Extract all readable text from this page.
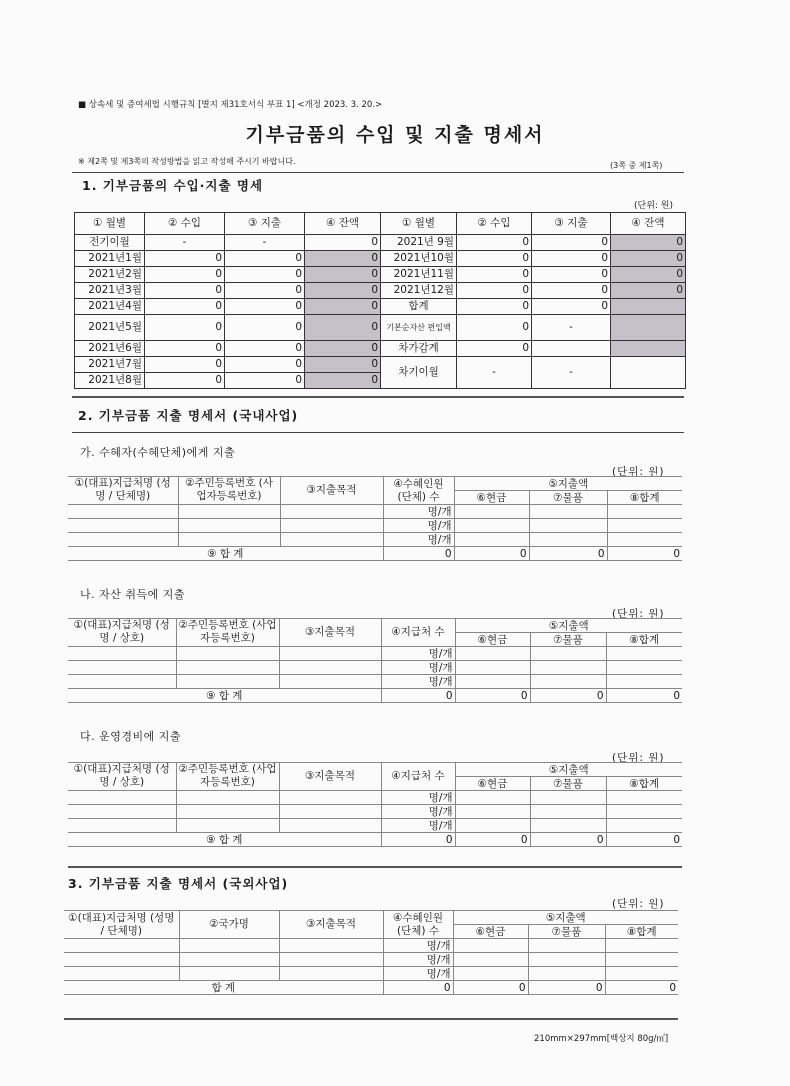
■ 상속세 및 증여세법 시행규칙 [별지 제31호서식 부표 1] <개정 2023. 3. 20.>
기부금품의 수입 및 지출 명세서
※ 제2쪽 및 제3쪽의 작성방법을 읽고 작성해 주시기 바랍니다.	(3쪽 중 제1쪽)
1. 기부금품의 수입·지출 명세
(단위: 원)
① 월별	② 수입	③ 지출	④ 잔액	① 월별	② 수입	③ 지출	④ 잔액
전기이월	-	-	0	2021년 9월	0	0	0
2021년1월	0	0	0	2021년10월	0	0	0
2021년2월	0	0	0	2021년11월	0	0	0
2021년3월	0	0	0	2021년12월	0	0	0
2021년4월	0	0	0	합계	0	0	
2021년5월	0	0	0	기본순자산 편입액	0	-	
2021년6월	0	0	0	차가감계	0		
2021년7월	0	0	0	차기이월	-	-	
2021년8월	0	0	0				
2. 기부금품 지출 명세서 (국내사업)
가. 수혜자(수혜단체)에게 지출
(단위: 원)
①(대표)지급처명 (성명 / 단체명)	②주민등록번호 (사업자등록번호)	③지출목적	④수혜인원 (단체) 수	⑤지출액		
				⑥현금	⑦물품	⑧합계
			명/개			
			명/개			
			명/개			
⑨ 합 계			0	0	0	0
나. 자산 취득에 지출
(단위: 원)
①(대표)지급처명 (성명 / 상호)	②주민등록번호 (사업자등록번호)	③지출목적	④지급처 수	⑤지출액		
				⑥현금	⑦물품	⑧합계
			명/개			
			명/개			
			명/개			
⑨ 합 계			0	0	0	0
다. 운영경비에 지출
(단위: 원)
①(대표)지급처명 (성명 / 상호)	②주민등록번호 (사업자등록번호)	③지출목적	④지급처 수	⑤지출액		
				⑥현금	⑦물품	⑧합계
			명/개			
			명/개			
			명/개			
⑨ 합 계			0	0	0	0
3. 기부금품 지출 명세서 (국외사업)
(단위: 원)
①(대표)지급처명 (성명 / 단체명)	②국가명	③지출목적	④수혜인원 (단체) 수	⑤지출액		
				⑥현금	⑦물품	⑧합계
			명/개			
			명/개			
			명/개			
합 계			0	0	0	0
210mm×297mm[백상지 80g/㎡]
